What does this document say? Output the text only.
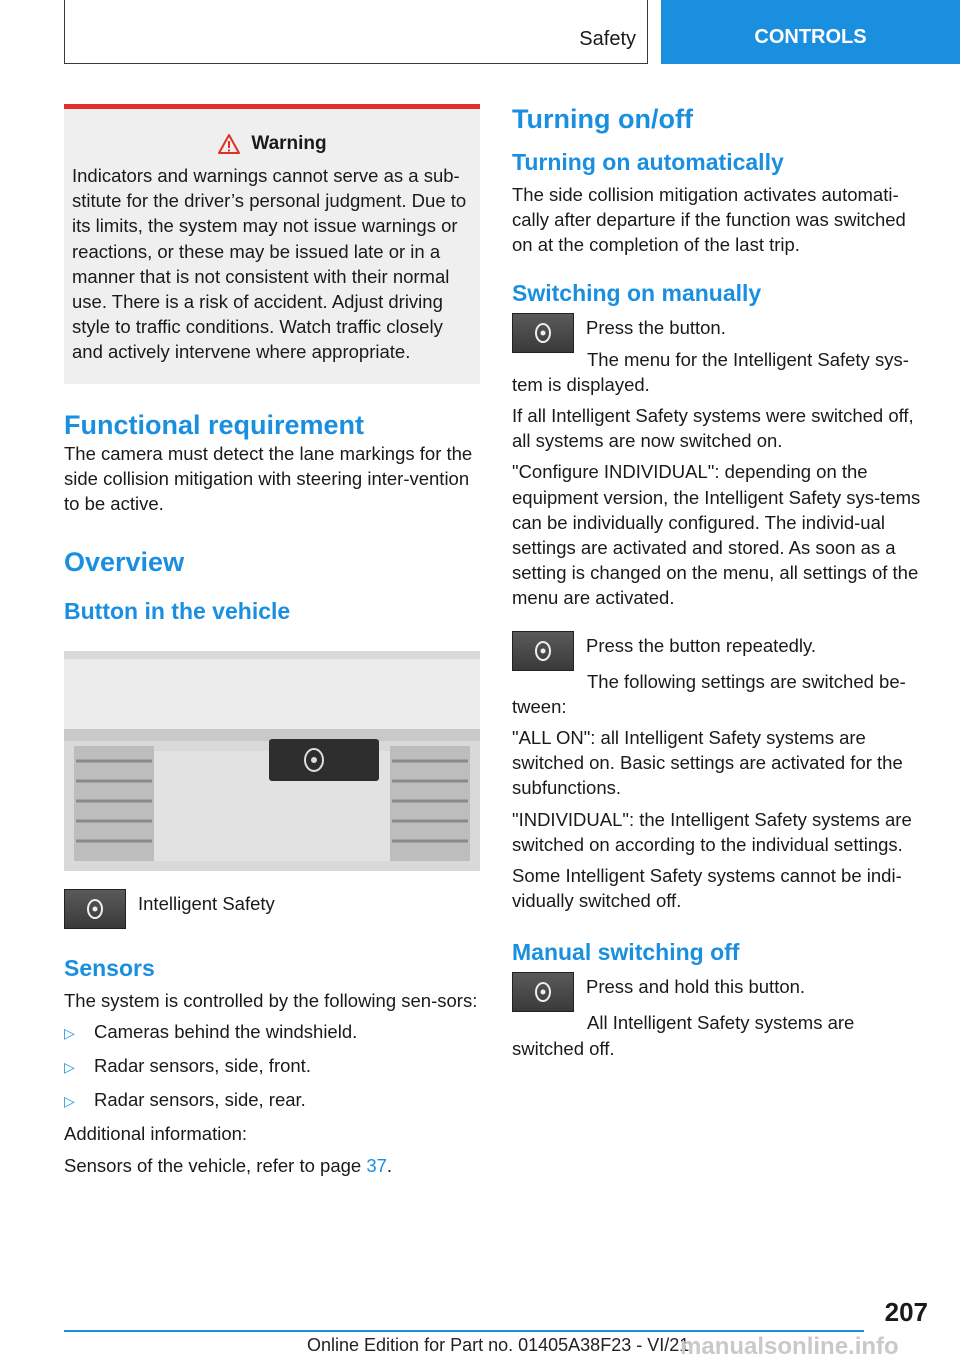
Safety	CONTROLS
Warning
Indicators and warnings cannot serve as a sub-stitute for the driver’s personal judgment. Due to its limits, the system may not issue warnings or reactions, or these may be issued late or in a manner that is not consistent with their normal use. There is a risk of accident. Adjust driving style to traffic conditions. Watch traffic closely and actively intervene where appropriate.
Functional requirement

The camera must detect the lane markings for the side collision mitigation with steering inter-vention to be active.

Overview
Button in the vehicle
Intelligent Safety
Sensors

The system is controlled by the following sen-sors:

▷	Cameras behind the windshield.
▷	Radar sensors, side, front.
▷	Radar sensors, side, rear.

Additional information:

Sensors of the vehicle, refer to page 37.

Turning on/off
Turning on automatically

The side collision mitigation activates automati-cally after departure if the function was switched on at the completion of the last trip.

Switching on manually
Press the button.

The menu for the Intelligent Safety sys-tem is displayed.

If all Intelligent Safety systems were switched off, all systems are now switched on.

"Configure INDIVIDUAL": depending on the equipment version, the Intelligent Safety sys-tems can be individually configured. The individ-ual settings are activated and stored. As soon as a setting is changed on the menu, all settings of the menu are activated.

Press the button repeatedly.

The following settings are switched be-tween:

"ALL ON": all Intelligent Safety systems are switched on. Basic settings are activated for the subfunctions.

"INDIVIDUAL": the Intelligent Safety systems are switched on according to the individual settings.

Some Intelligent Safety systems cannot be indi-vidually switched off.

Manual switching off
Press and hold this button.

All Intelligent Safety systems are switched off.

207
Online Edition for Part no. 01405A38F23 - VI/21
manualsonline.info
